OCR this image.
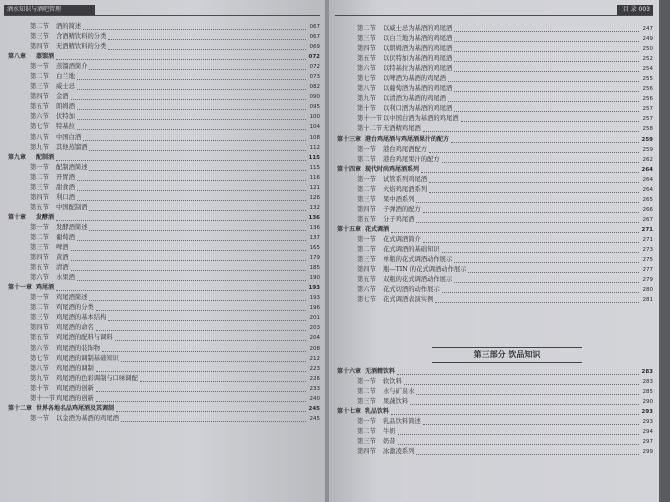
酒水知识与酒吧管理
第二节 酒的简述	067
第三节 含酒精饮料的分类	067
第四节 无酒精饮料的分类	069
第八章 蒸馏酒	072
第一节 蒸馏酒简介	072
第二节 白兰地	073
第三节 威士忌	082
第四节 金酒	090
第五节 朗姆酒	095
第六节 伏特加	100
第七节 特基拉	104
第八节 中国白酒	108
第九节 其他蒸馏酒	112
第九章 配制酒	115
第一节 配制酒简述	115
第二节 开胃酒	116
第三节 甜食酒	121
第四节 利口酒	126
第五节 中国配制酒	132
第十章 发酵酒	136
第一节 发酵酒简述	136
第二节 葡萄酒	137
第三节 啤酒	165
第四节 黄酒	179
第五节 清酒	185
第六节 水果酒	190
第十一章 鸡尾酒	193
第一节 鸡尾酒简述	193
第二节 鸡尾酒的分类	196
第三节 鸡尾酒的基本结构	201
第四节 鸡尾酒的命名	203
第五节 鸡尾酒的配料与调料	204
第六节 鸡尾酒的装饰物	208
第七节 鸡尾酒的调制基础知识	212
第八节 鸡尾酒的调制	223
第九节 鸡尾酒的色彩调制与口味调配	226
第十节 鸡尾酒的创新	233
第十一节鸡尾酒的创新	240
第十二章 世界各地名品鸡尾酒及其调制	245
第一节 以金酒为基酒的鸡尾酒	245
目 录 003
第二节 以威士忌为基酒的鸡尾酒	247
第三节 以白兰地为基酒的鸡尾酒	249
第四节 以朗姆酒为基酒的鸡尾酒	250
第五节 以伏特加为基酒的鸡尾酒	252
第六节 以特基拉为基酒的鸡尾酒	254
第七节 以啤酒为基酒的鸡尾酒	255
第八节 以葡萄酒为基酒的鸡尾酒	256
第九节 以清酒为基酒的鸡尾酒	256
第十节 以利口酒为基酒的鸡尾酒	257
第十一节以中国白酒为基酒的鸡尾酒	257
第十二节无酒精鸡尾酒	258
第十三章 港台鸡尾酒与鸡尾酒果汁的配方	259
第一节 港台鸡尾酒配方	259
第二节 港台鸡尾果汁的配方	262
第十四章 现代时尚鸡尾酒系列	264
第一节 试管系列鸡尾酒	264
第二节 火焰鸡尾酒系列	264
第三节 果中酒系列	265
第四节 子弹酒的配方	266
第五节 分子鸡尾酒	267
第十五章 花式调酒	271
第一节 花式调酒简介	271
第二节 花式调酒的基础知识	273
第三节 单瓶的花式调酒动作展示	275
第四节 瓶—TIN 的花式调酒动作展示	277
第五节 双瓶的花式调酒动作展示	279
第六节 花式切酒的动作展示	280
第七节 花式调酒表演实例	281
第三部分 饮品知识
第十六章 无酒精饮料	283
第一节 软饮料	283
第二节 水与矿泉水	285
第三节 果蔬饮料	290
第十七章 乳品饮料	293
第一节 乳品饮料简述	293
第二节 牛奶	294
第三节 奶昔	297
第四节 冰激凌系列	299
